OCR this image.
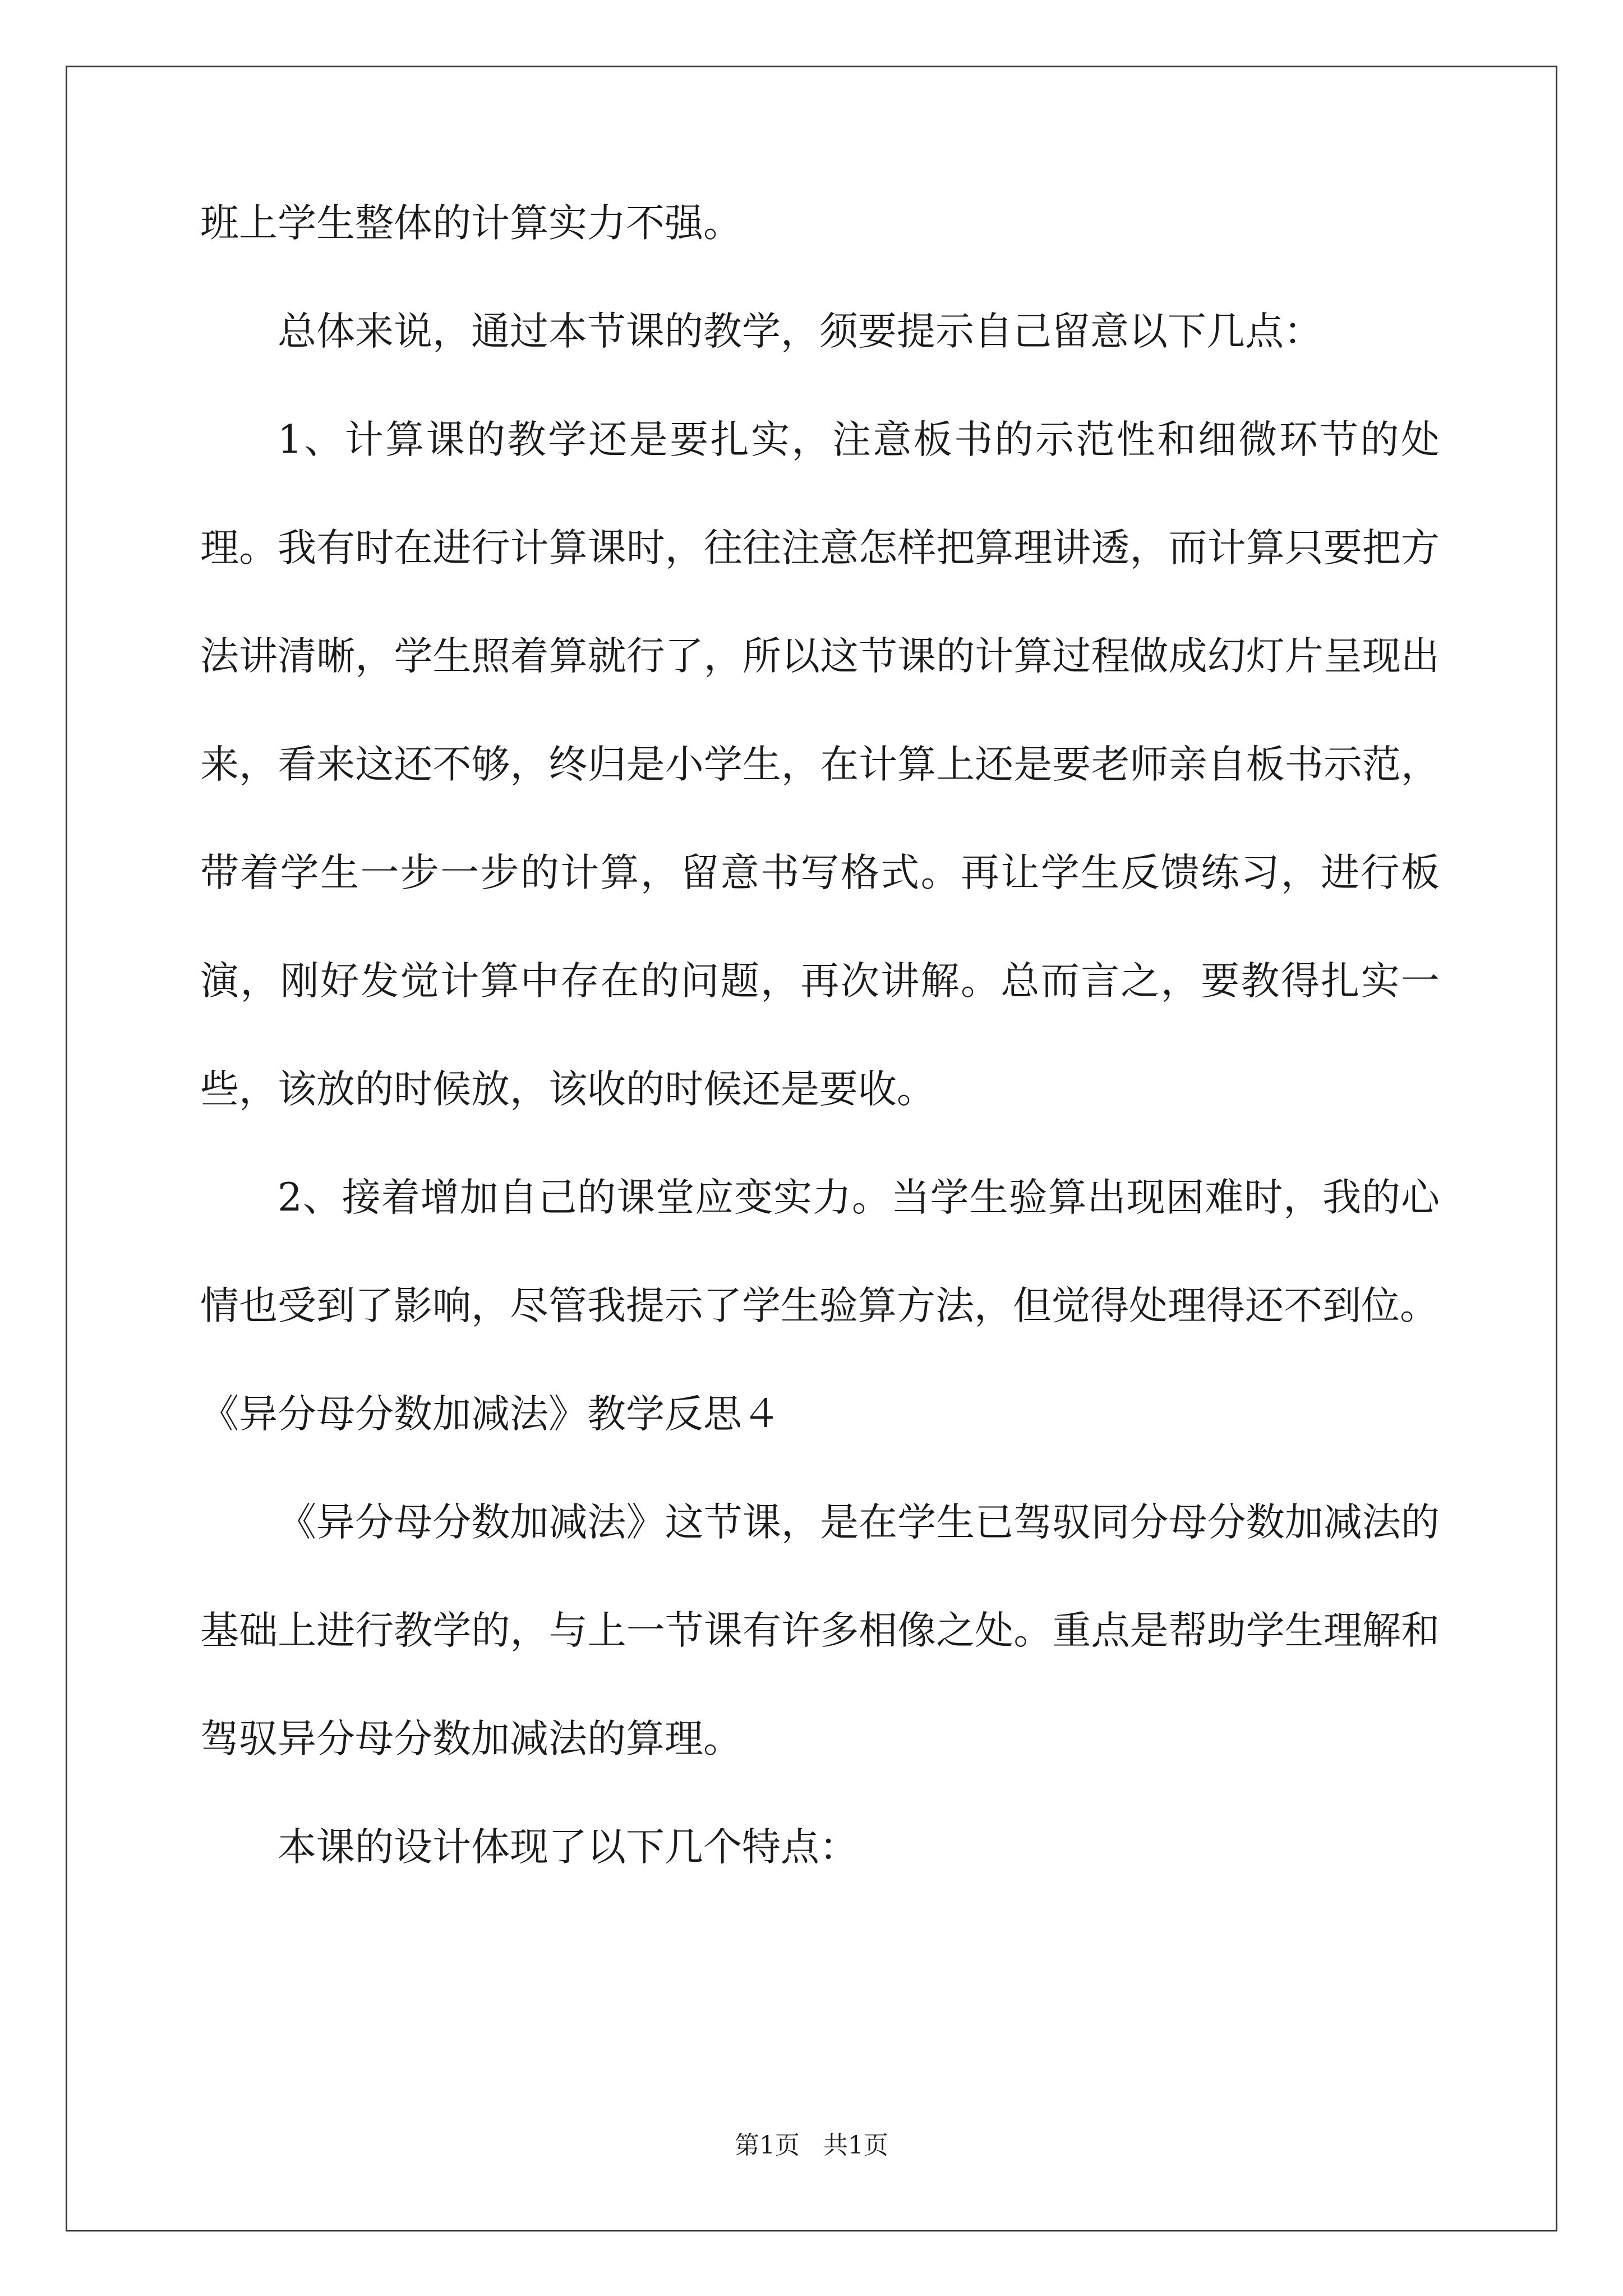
班上学生整体的计算实力不强。

总体来说，通过本节课的教学，须要提示自己留意以下几点：

1、计算课的教学还是要扎实，注意板书的示范性和细微环节的处理。我有时在进行计算课时，往往注意怎样把算理讲透，而计算只要把方法讲清晰，学生照着算就行了，所以这节课的计算过程做成幻灯片呈现出来，看来这还不够，终归是小学生，在计算上还是要老师亲自板书示范，带着学生一步一步的计算，留意书写格式。再让学生反馈练习，进行板演，刚好发觉计算中存在的问题，再次讲解。总而言之，要教得扎实一些，该放的时候放，该收的时候还是要收。

2、接着增加自己的课堂应变实力。当学生验算出现困难时，我的心情也受到了影响，尽管我提示了学生验算方法，但觉得处理得还不到位。

《异分母分数加减法》教学反思４

《异分母分数加减法》这节课，是在学生已驾驭同分母分数加减法的基础上进行教学的，与上一节课有许多相像之处。重点是帮助学生理解和驾驭异分母分数加减法的算理。

本课的设计体现了以下几个特点：

第1页 共1页
